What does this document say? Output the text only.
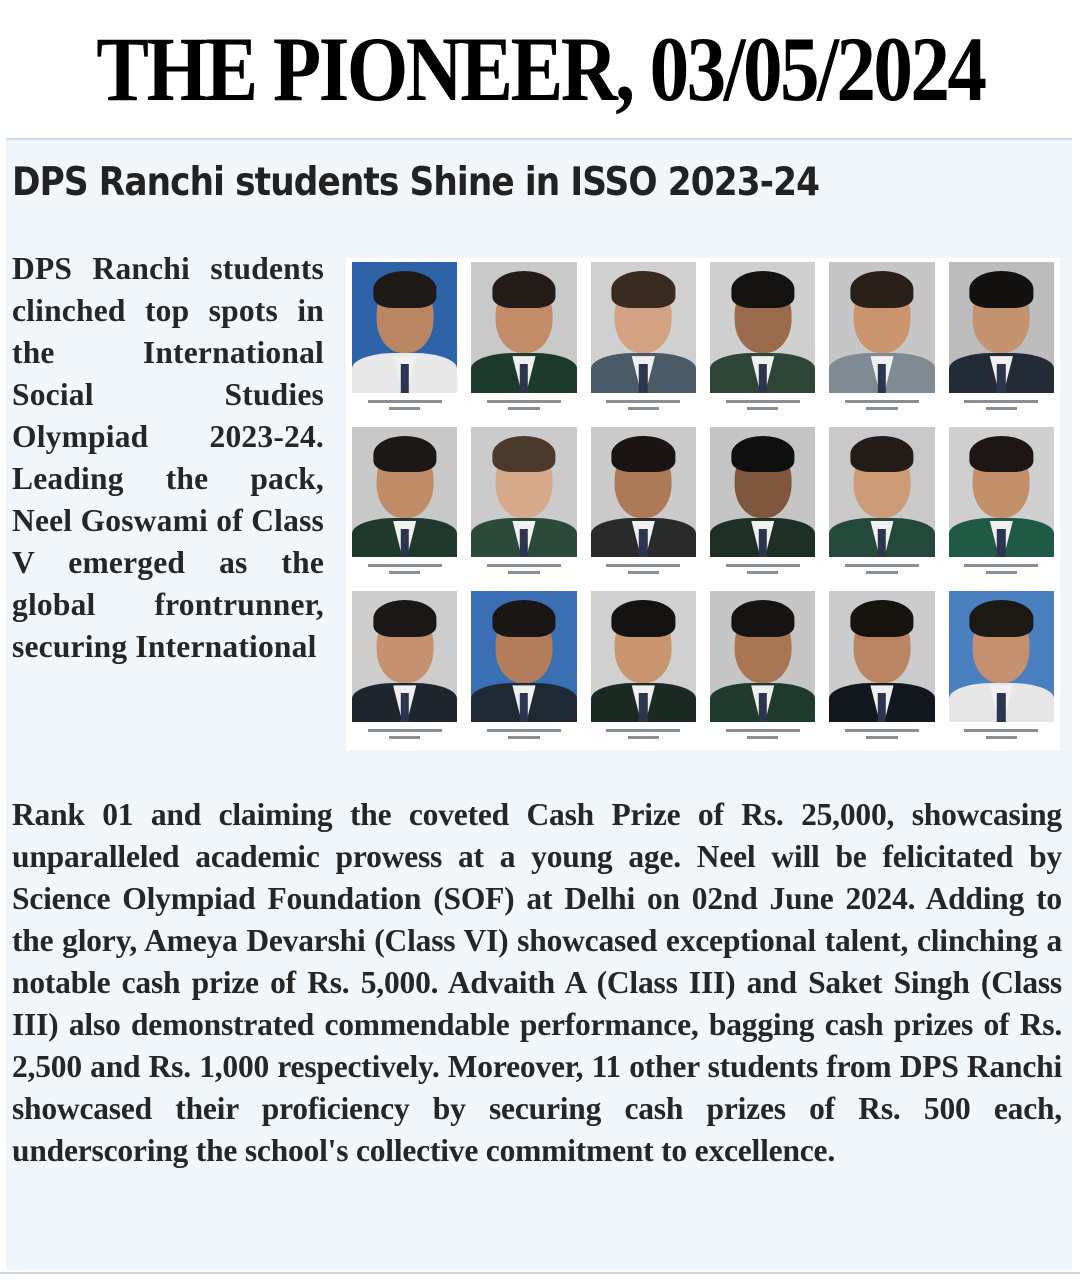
THE PIONEER, 03/05/2024
DPS Ranchi students Shine in ISSO 2023-24

DPS Ranchi students clinched top spots in the International Social Studies Olympiad 2023-24. Leading the pack, Neel Goswami of Class V emerged as the global frontrunner, securing International

Rank 01 and claiming the coveted Cash Prize of Rs. 25,000, showcasing unparalleled academic prowess at a young age. Neel will be felicitated by Science Olympiad Foundation (SOF) at Delhi on 02nd June 2024. Adding to the glory, Ameya Devarshi (Class VI) showcased exceptional talent, clinching a notable cash prize of Rs. 5,000. Advaith A (Class III) and Saket Singh (Class III) also demonstrated commendable performance, bagging cash prizes of Rs. 2,500 and Rs. 1,000 respectively. Moreover, 11 other students from DPS Ranchi showcased their proficiency by securing cash prizes of Rs. 500 each, underscoring the school's collective commitment to excellence.
